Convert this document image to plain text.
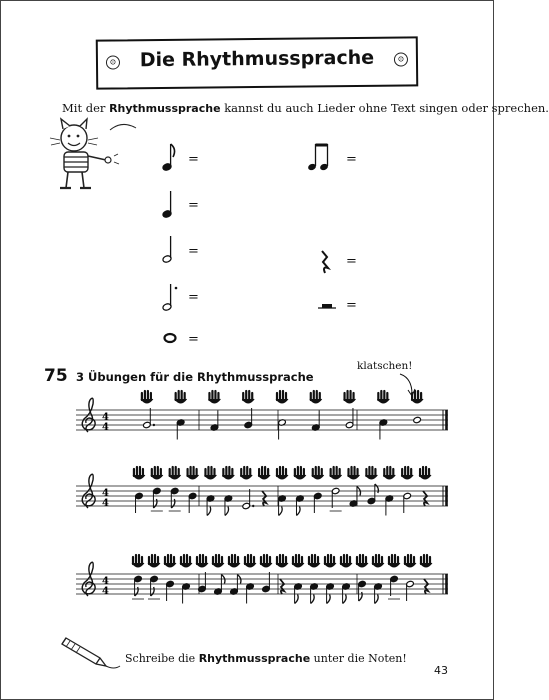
⊙	⊙
Die Rhythmussprache
Mit der Rhythmussprache kannst du auch Lieder ohne Text singen oder sprechen.
=
=
=
=
=
=
=
=
75 3 Übungen für die Rhythmussprache
klatschen!
4
4
4
4
4
4
Schreibe die Rhythmussprache unter die Noten!
43
